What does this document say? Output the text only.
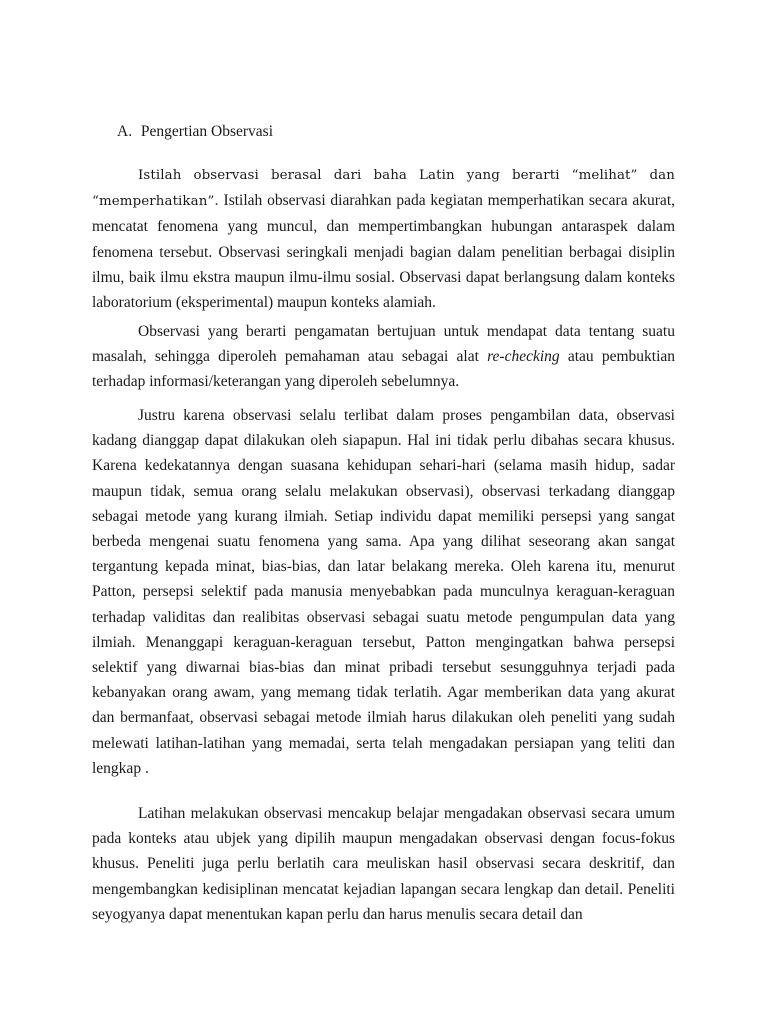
A. Pengertian Observasi

Istilah observasi berasal dari baha Latin yang berarti “melihat” dan “memperhatikan”. Istilah observasi diarahkan pada kegiatan memperhatikan secara akurat, mencatat fenomena yang muncul, dan mempertimbangkan hubungan antaraspek dalam fenomena tersebut. Observasi seringkali menjadi bagian dalam penelitian berbagai disiplin ilmu, baik ilmu ekstra maupun ilmu-ilmu sosial. Observasi dapat berlangsung dalam konteks laboratorium (eksperimental) maupun konteks alamiah.

Observasi yang berarti pengamatan bertujuan untuk mendapat data tentang suatu masalah, sehingga diperoleh pemahaman atau sebagai alat re-checking atau pembuktian terhadap informasi/keterangan yang diperoleh sebelumnya.

Justru karena observasi selalu terlibat dalam proses pengambilan data, observasi kadang dianggap dapat dilakukan oleh siapapun. Hal ini tidak perlu dibahas secara khusus. Karena kedekatannya dengan suasana kehidupan sehari-hari (selama masih hidup, sadar maupun tidak, semua orang selalu melakukan observasi), observasi terkadang dianggap sebagai metode yang kurang ilmiah. Setiap individu dapat memiliki persepsi yang sangat berbeda mengenai suatu fenomena yang sama. Apa yang dilihat seseorang akan sangat tergantung kepada minat, bias-bias, dan latar belakang mereka. Oleh karena itu, menurut Patton, persepsi selektif pada manusia menyebabkan pada munculnya keraguan-keraguan terhadap validitas dan realibitas observasi sebagai suatu metode pengumpulan data yang ilmiah. Menanggapi keraguan-keraguan tersebut, Patton mengingatkan bahwa persepsi selektif yang diwarnai bias-bias dan minat pribadi tersebut sesungguhnya terjadi pada kebanyakan orang awam, yang memang tidak terlatih. Agar memberikan data yang akurat dan bermanfaat, observasi sebagai metode ilmiah harus dilakukan oleh peneliti yang sudah melewati latihan-latihan yang memadai, serta telah mengadakan persiapan yang teliti dan lengkap .

Latihan melakukan observasi mencakup belajar mengadakan observasi secara umum pada konteks atau ubjek yang dipilih maupun mengadakan observasi dengan focus-fokus khusus. Peneliti juga perlu berlatih cara meuliskan hasil observasi secara deskritif, dan mengembangkan kedisiplinan mencatat kejadian lapangan secara lengkap dan detail. Peneliti seyogyanya dapat menentukan kapan perlu dan harus menulis secara detail dan
